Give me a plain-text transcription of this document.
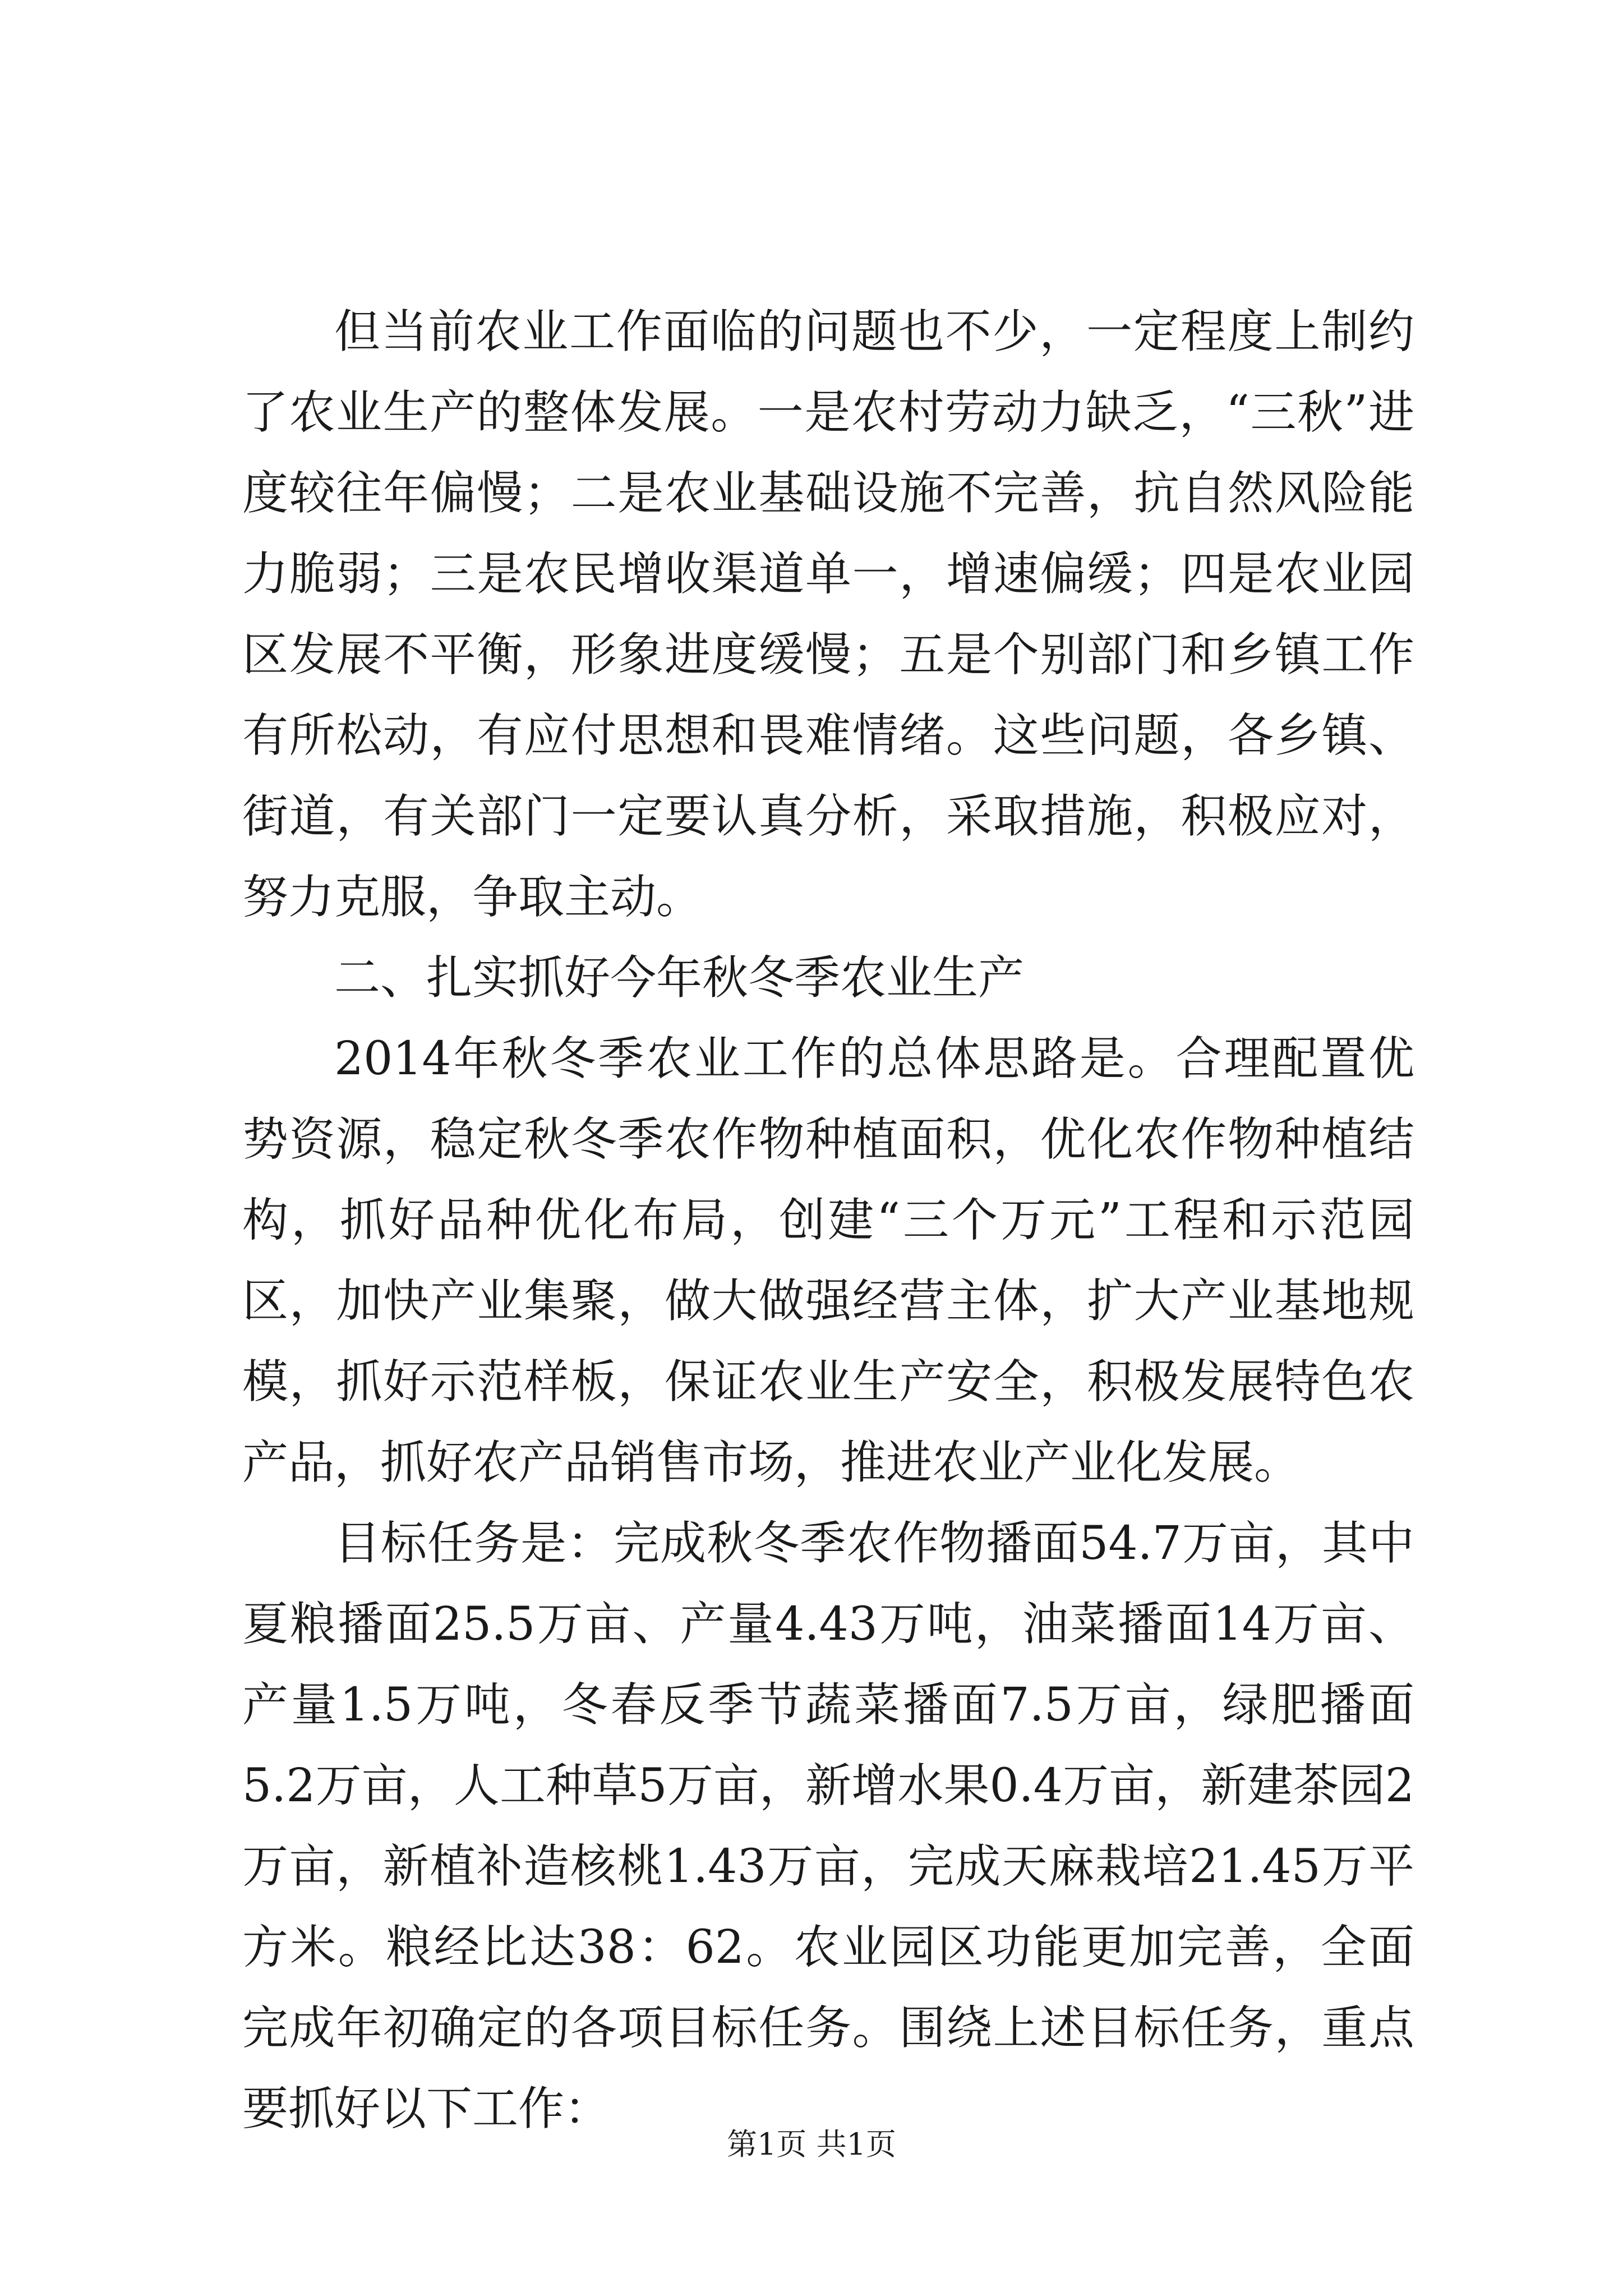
但当前农业工作面临的问题也不少，一定程度上制约了农业生产的整体发展。一是农村劳动力缺乏，“三秋”进度较往年偏慢；二是农业基础设施不完善，抗自然风险能力脆弱；三是农民增收渠道单一，增速偏缓；四是农业园区发展不平衡，形象进度缓慢；五是个别部门和乡镇工作有所松动，有应付思想和畏难情绪。这些问题，各乡镇、街道，有关部门一定要认真分析，采取措施，积极应对，努力克服，争取主动。

二、扎实抓好今年秋冬季农业生产

2014年秋冬季农业工作的总体思路是。合理配置优势资源，稳定秋冬季农作物种植面积，优化农作物种植结构，抓好品种优化布局，创建“三个万元”工程和示范园区，加快产业集聚，做大做强经营主体，扩大产业基地规模，抓好示范样板，保证农业生产安全，积极发展特色农产品，抓好农产品销售市场，推进农业产业化发展。

目标任务是：完成秋冬季农作物播面54.7万亩，其中夏粮播面25.5万亩、产量4.43万吨，油菜播面14万亩、产量1.5万吨，冬春反季节蔬菜播面7.5万亩，绿肥播面5.2万亩，人工种草5万亩，新增水果0.4万亩，新建茶园2万亩，新植补造核桃1.43万亩，完成天麻栽培21.45万平方米。粮经比达38：62。农业园区功能更加完善，全面完成年初确定的各项目标任务。围绕上述目标任务，重点要抓好以下工作：

第1页 共1页
